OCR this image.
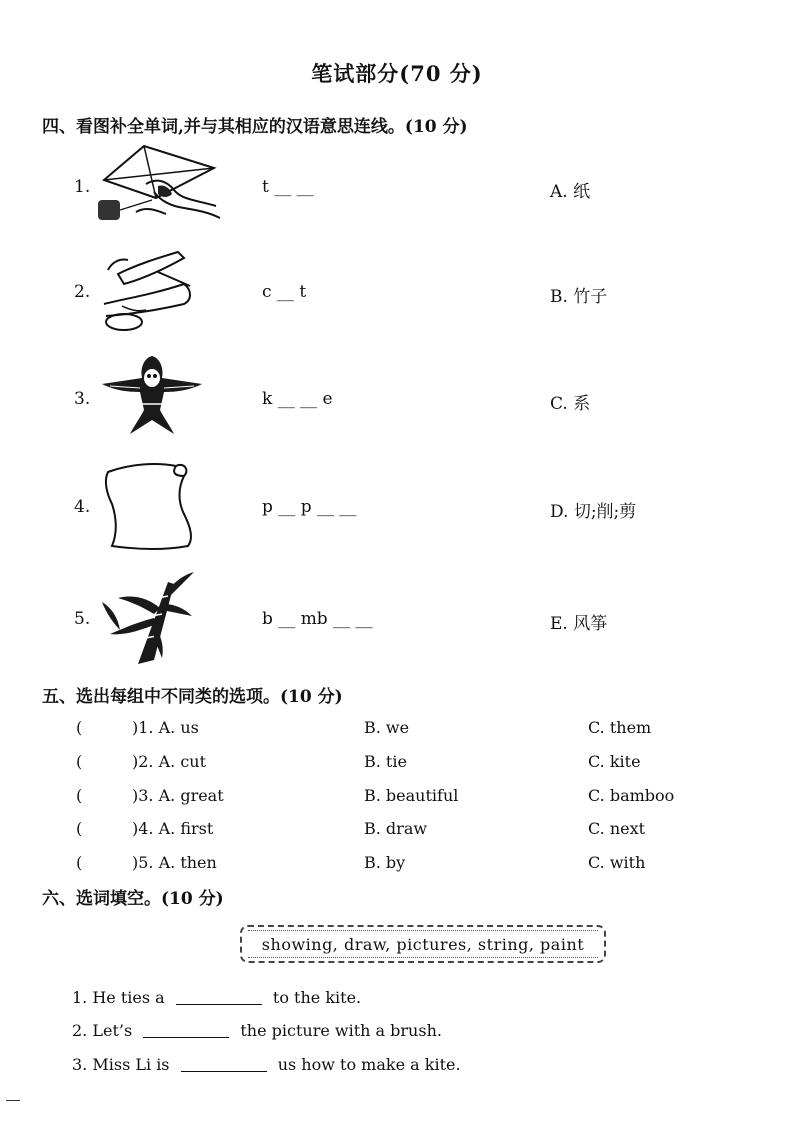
笔试部分(70 分)
四、看图补全单词,并与其相应的汉语意思连线。(10 分)
1.	t __ __	A. 纸
2.	c __ t	B. 竹子
3.	k __ __ e	C. 系
4.	p __ p __ __	D. 切;削;剪
5.	b __ mb __ __	E. 风筝
五、选出每组中不同类的选项。(10 分)
(	)1. A. us	B. we	C. them
(	)2. A. cut	B. tie	C. kite
(	)3. A. great	B. beautiful	C. bamboo
(	)4. A. first	B. draw	C. next
(	)5. A. then	B. by	C. with
六、选词填空。(10 分)
showing, draw, pictures, string, paint
1. He ties a	to the kite.
2. Let’s	the picture with a brush.
3. Miss Li is	us how to make a kite.
